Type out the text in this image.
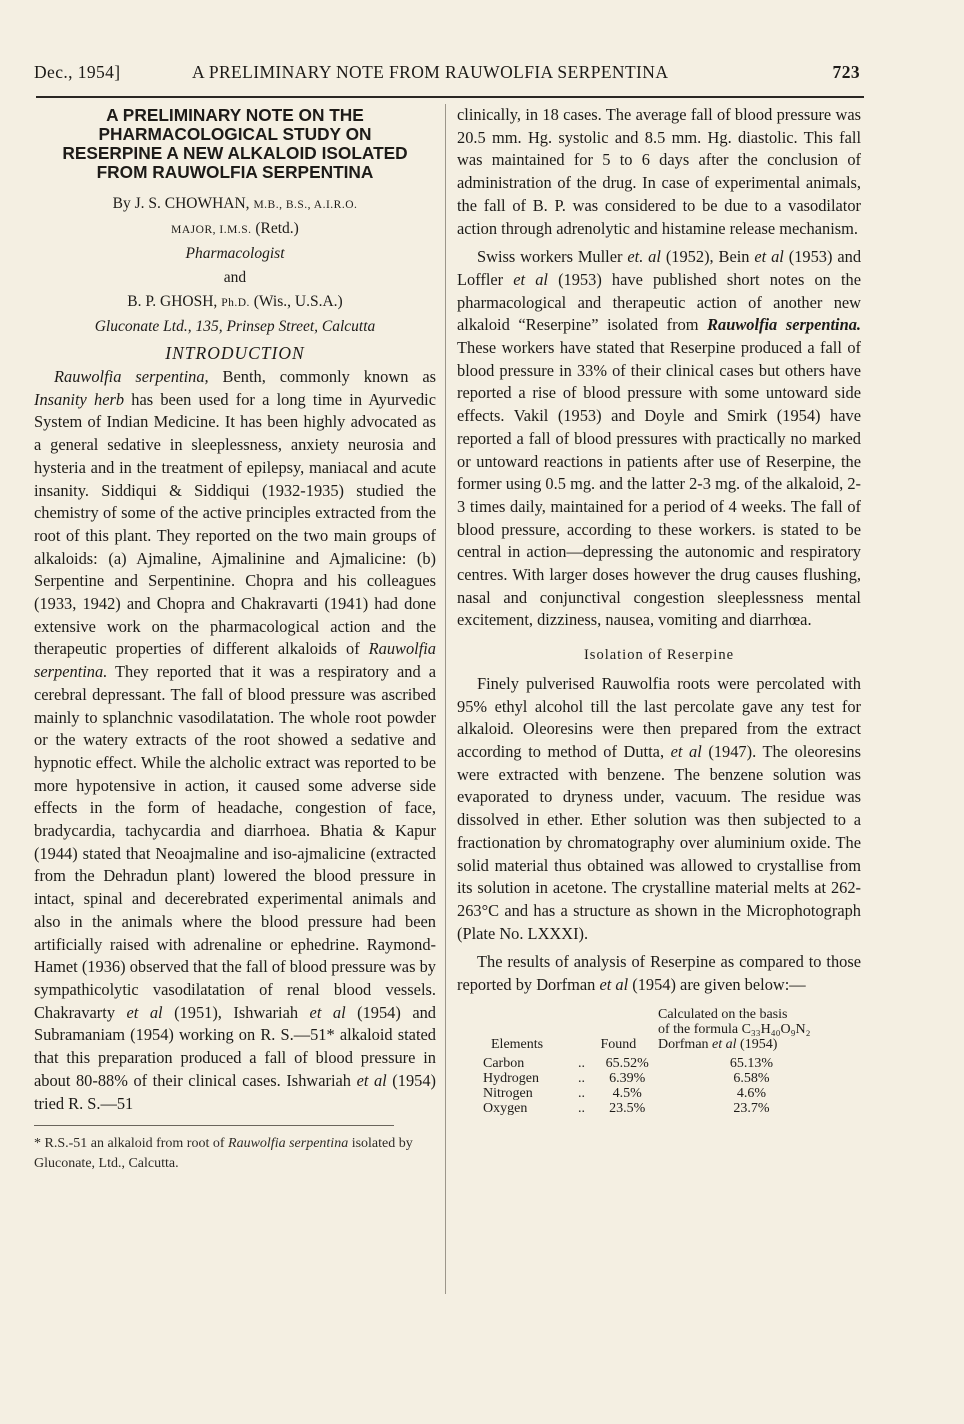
Dec., 1954]	A PRELIMINARY NOTE FROM RAUWOLFIA SERPENTINA	723
A PRELIMINARY NOTE ON THE PHARMACOLOGICAL STUDY ON RESERPINE A NEW ALKALOID ISOLATED FROM RAUWOLFIA SERPENTINA
By J. S. CHOWHAN, M.B., B.S., A.I.R.O.
MAJOR, I.M.S. (Retd.)
Pharmacologist
and
B. P. GHOSH, Ph.D. (Wis., U.S.A.)
Gluconate Ltd., 135, Prinsep Street, Calcutta
INTRODUCTION

Rauwolfia serpentina, Benth, commonly known as Insanity herb has been used for a long time in Ayurvedic System of Indian Medicine. It has been highly advocated as a general sedative in sleeplessness, anxiety neurosia and hysteria and in the treatment of epilepsy, maniacal and acute insanity. Siddiqui & Siddiqui (1932-1935) studied the chemistry of some of the active principles extracted from the root of this plant. They reported on the two main groups of alkaloids: (a) Ajmaline, Ajmalinine and Ajmalicine: (b) Serpentine and Serpentinine. Chopra and his colleagues (1933, 1942) and Chopra and Chakravarti (1941) had done extensive work on the pharmacological action and the therapeutic properties of different alkaloids of Rauwolfia serpentina. They reported that it was a respiratory and a cerebral depressant. The fall of blood pressure was ascribed mainly to splanchnic vasodilatation. The whole root powder or the watery extracts of the root showed a sedative and hypnotic effect. While the alcholic extract was reported to be more hypotensive in action, it caused some adverse side effects in the form of headache, congestion of face, bradycardia, tachycardia and diarrhoea. Bhatia & Kapur (1944) stated that Neoajmaline and iso-ajmalicine (extracted from the Dehradun plant) lowered the blood pressure in intact, spinal and decerebrated experimental animals and also in the animals where the blood pressure had been artificially raised with adrenaline or ephedrine. Raymond-Hamet (1936) observed that the fall of blood pressure was by sympathicolytic vasodilatation of renal blood vessels. Chakravarty et al (1951), Ishwariah et al (1954) and Subramaniam (1954) working on R. S.—51* alkaloid stated that this preparation produced a fall of blood pressure in about 80-88% of their clinical cases. Ishwariah et al (1954) tried R. S.—51

* R.S.-51 an alkaloid from root of Rauwolfia serpentina isolated by Gluconate, Ltd., Calcutta.

clinically, in 18 cases. The average fall of blood pressure was 20.5 mm. Hg. systolic and 8.5 mm. Hg. diastolic. This fall was maintained for 5 to 6 days after the conclusion of administration of the drug. In case of experimental animals, the fall of B. P. was considered to be due to a vasodilator action through adrenolytic and histamine release mechanism.

Swiss workers Muller et. al (1952), Bein et al (1953) and Loffler et al (1953) have published short notes on the pharmacological and therapeutic action of another new alkaloid “Reserpine” isolated from Rauwolfia serpentina. These workers have stated that Reserpine produced a fall of blood pressure in 33% of their clinical cases but others have reported a rise of blood pressure with some untoward side effects. Vakil (1953) and Doyle and Smirk (1954) have reported a fall of blood pressures with practically no marked or untoward reactions in patients after use of Reserpine, the former using 0.5 mg. and the latter 2-3 mg. of the alkaloid, 2-3 times daily, maintained for a period of 4 weeks. The fall of blood pressure, according to these workers. is stated to be central in action—depressing the autonomic and respiratory centres. With larger doses however the drug causes flushing, nasal and conjunctival congestion sleeplessness mental excitement, dizziness, nausea, vomiting and diarrhœa.

Isolation of Reserpine

Finely pulverised Rauwolfia roots were percolated with 95% ethyl alcohol till the last percolate gave any test for alkaloid. Oleoresins were then prepared from the extract according to method of Dutta, et al (1947). The oleoresins were extracted with benzene. The benzene solution was evaporated to dryness under, vacuum. The residue was dissolved in ether. Ether solution was then subjected to a fractionation by chromatography over aluminium oxide. The solid material thus obtained was allowed to crystallise from its solution in acetone. The crystalline material melts at 262-263°C and has a structure as shown in the Microphotograph (Plate No. LXXXI).

The results of analysis of Reserpine as compared to those reported by Dorfman et al (1954) are given below:—

Elements		Found	Calculated on the basis
of the formula C₃₃H₄₀O₉N₂
Dorfman et al (1954)

Carbon	..	65.52%	65.13%
Hydrogen	..	6.39%	6.58%
Nitrogen	..	4.5%	4.6%
Oxygen	..	23.5%	23.7%
